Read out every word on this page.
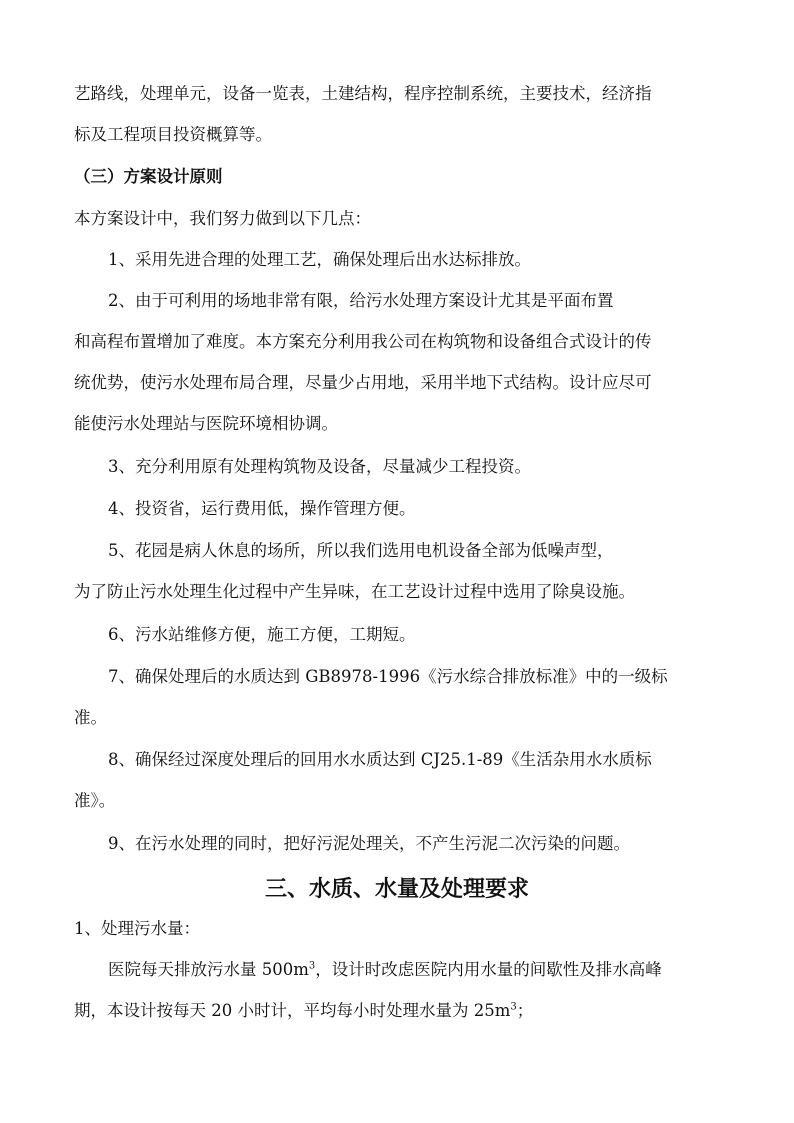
艺路线，处理单元，设备一览表，土建结构，程序控制系统，主要技术，经济指
标及工程项目投资概算等。
（三）方案设计原则
本方案设计中，我们努力做到以下几点：
1、采用先进合理的处理工艺，确保处理后出水达标排放。
2、由于可利用的场地非常有限，给污水处理方案设计尤其是平面布置
和高程布置增加了难度。本方案充分利用我公司在构筑物和设备组合式设计的传
统优势，使污水处理布局合理，尽量少占用地，采用半地下式结构。设计应尽可
能使污水处理站与医院环境相协调。
3、充分利用原有处理构筑物及设备，尽量减少工程投资。
4、投资省，运行费用低，操作管理方便。
5、花园是病人休息的场所，所以我们选用电机设备全部为低噪声型，
为了防止污水处理生化过程中产生异味，在工艺设计过程中选用了除臭设施。
6、污水站维修方便，施工方便，工期短。
7、确保处理后的水质达到 GB8978-1996《污水综合排放标准》中的一级标
准。
8、确保经过深度处理后的回用水水质达到 CJ25.1-89《生活杂用水水质标
准》。
9、在污水处理的同时，把好污泥处理关，不产生污泥二次污染的问题。
三、水质、水量及处理要求
1、处理污水量：
医院每天排放污水量 $500m^3$，设计时改虑医院内用水量的间歇性及排水高峰
期，本设计按每天 20 小时计，平均每小时处理水量为 $25m^3$；
